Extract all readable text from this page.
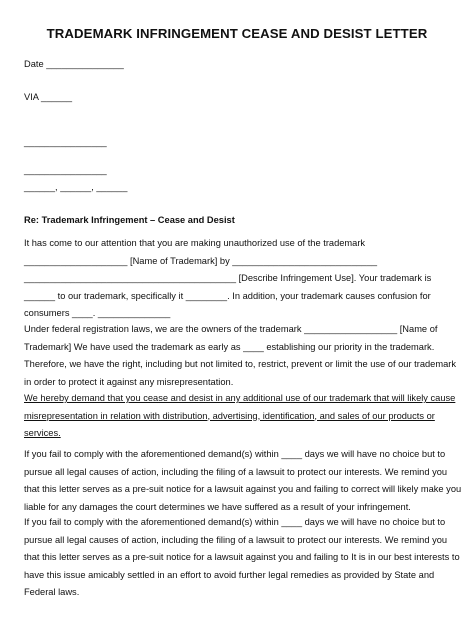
TRADEMARK INFRINGEMENT CEASE AND DESIST LETTER
Date _______________
VIA ______
________________
________________
______, ______, ______
Re: Trademark Infringement – Cease and Desist
It has come to our attention that you are making unauthorized use of the trademark
____________________ [Name of Trademark] by ____________________________
_________________________________________ [Describe Infringement Use]. Your trademark is
______ to our trademark, specifically it ________. In addition, your trademark causes confusion for
consumers ____. ______________
Under federal registration laws, we are the owners of the trademark __________________ [Name of
Trademark] We have used the trademark as early as ____ establishing our priority in the trademark.
Therefore, we have the right, including but not limited to, restrict, prevent or limit the use of our trademark
in order to protect it against any misrepresentation.
We hereby demand that you cease and desist in any additional use of our trademark that will likely cause
misrepresentation in relation with distribution, advertising, identification, and sales of our products or
services.
If you fail to comply with the aforementioned demand(s) within ____ days we will have no choice but to
pursue all legal causes of action, including the filing of a lawsuit to protect our interests. We remind you
that this letter serves as a pre-suit notice for a lawsuit against you and failing to correct will likely make you
liable for any damages the court determines we have suffered as a result of your infringement.
If you fail to comply with the aforementioned demand(s) within ____ days we will have no choice but to
pursue all legal causes of action, including the filing of a lawsuit to protect our interests. We remind you
that this letter serves as a pre-suit notice for a lawsuit against you and failing to It is in our best interests to
have this issue amicably settled in an effort to avoid further legal remedies as provided by State and
Federal laws.
